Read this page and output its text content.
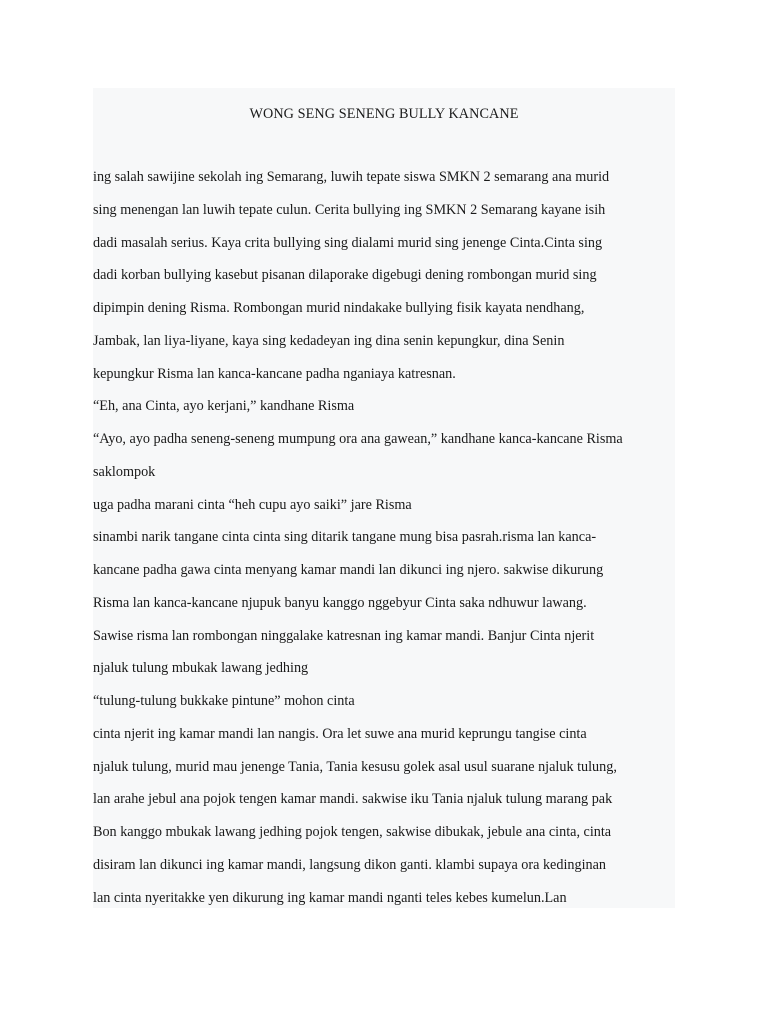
WONG SENG SENENG BULLY KANCANE
ing salah sawijine sekolah ing Semarang, luwih tepate siswa SMKN 2 semarang ana murid
sing menengan lan luwih tepate culun. Cerita bullying ing SMKN 2 Semarang kayane isih
dadi masalah serius. Kaya crita bullying sing dialami murid sing jenenge Cinta.Cinta sing
dadi korban bullying kasebut pisanan dilaporake digebugi dening rombongan murid sing
dipimpin dening Risma. Rombongan murid nindakake bullying fisik kayata nendhang,
Jambak, lan liya-liyane, kaya sing kedadeyan ing dina senin kepungkur, dina Senin
kepungkur Risma lan kanca-kancane padha nganiaya katresnan.
“Eh, ana Cinta, ayo kerjani,” kandhane Risma
“Ayo, ayo padha seneng-seneng mumpung ora ana gawean,” kandhane kanca-kancane Risma
saklompok
uga padha marani cinta “heh cupu ayo saiki” jare Risma
sinambi narik tangane cinta cinta sing ditarik tangane mung bisa pasrah.risma lan kanca-
kancane padha gawa cinta menyang kamar mandi lan dikunci ing njero. sakwise dikurung
Risma lan kanca-kancane njupuk banyu kanggo nggebyur Cinta saka ndhuwur lawang.
Sawise risma lan rombongan ninggalake katresnan ing kamar mandi. Banjur Cinta njerit
njaluk tulung mbukak lawang jedhing
“tulung-tulung bukkake pintune” mohon cinta
cinta njerit ing kamar mandi lan nangis. Ora let suwe ana murid keprungu tangise cinta
njaluk tulung, murid mau jenenge Tania, Tania kesusu golek asal usul suarane njaluk tulung,
lan arahe jebul ana pojok tengen kamar mandi. sakwise iku Tania njaluk tulung marang pak
Bon kanggo mbukak lawang jedhing pojok tengen, sakwise dibukak, jebule ana cinta, cinta
disiram lan dikunci ing kamar mandi, langsung dikon ganti. klambi supaya ora kedinginan
lan cinta nyeritakke yen dikurung ing kamar mandi nganti teles kebes kumelun.Lan
